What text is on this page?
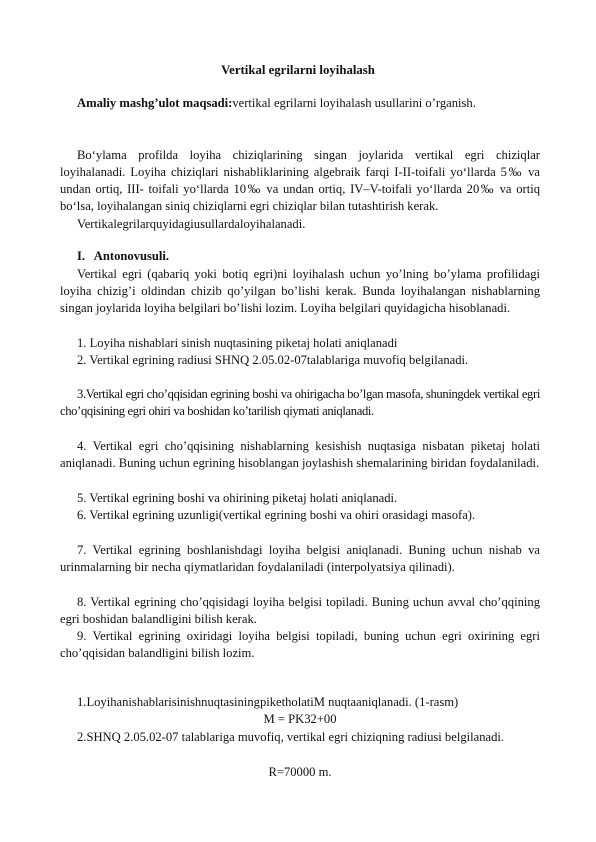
Vertikal egrilarni loyihalash
Amaliy mashg’ulot maqsadi:vertikal egrilarni loyihalash usullarini o’rganish.
Bo‘ylama profilda loyiha chiziqlarining singan joylarida vertikal egri chiziqlar loyihalanadi. Loyiha chiziqlari nishabliklarining algebraik farqi I-II-toifali yo‘llarda 5‰ va undan ortiq, III- toifali yo‘llarda 10‰ va undan ortiq, IV–V-toifali yo‘llarda 20‰ va ortiq bo‘lsa, loyihalangan siniq chiziqlarni egri chiziqlar bilan tutashtirish kerak.
Vertikalegrilarquyidagiusullardaloyihalanadi.
I.   Antonovusuli.
Vertikal egri (qabariq yoki botiq egri)ni loyihalash uchun yo’lning bo’ylama profilidagi loyiha chizig’i oldindan chizib qo’yilgan bo’lishi kerak. Bunda loyihalangan nishablarning singan joylarida loyiha belgilari bo’lishi lozim. Loyiha belgilari quyidagicha hisoblanadi.
1. Loyiha nishablari sinish nuqtasining piketaj holati aniqlanadi
2. Vertikal egrining radiusi SHNQ 2.05.02-07talablariga muvofiq belgilanadi.
3.Vertikal egri cho’qqisidan egrining boshi va ohirigacha bo’lgan masofa, shuningdek vertikal egri cho’qqisining egri ohiri va boshidan ko’tarilish qiymati aniqlanadi.
4. Vertikal egri cho’qqisining nishablarning kesishish nuqtasiga nisbatan piketaj holati aniqlanadi. Buning uchun egrining hisoblangan joylashish shemalarining biridan foydalaniladi.
5. Vertikal egrining boshi va ohirining piketaj holati aniqlanadi.
6. Vertikal egrining uzunligi(vertikal egrining boshi va ohiri orasidagi masofa).
7. Vertikal egrining boshlanishdagi loyiha belgisi aniqlanadi. Buning uchun nishab va urinmalarning bir necha qiymatlaridan foydalaniladi (interpolyatsiya qilinadi).
8. Vertikal egrining cho’qqisidagi loyiha belgisi topiladi. Buning uchun avval cho’qqining egri boshidan balandligini bilish kerak.
9. Vertikal egrining oxiridagi loyiha belgisi topiladi, buning uchun egri oxirining egri cho’qqisidan balandligini bilish lozim.
1.LoyihanishablarisinishnuqtasiningpiketholatiM nuqtaaniqlanadi. (1-rasm)
M = PK32+00
2.SHNQ 2.05.02-07 talablariga muvofiq, vertikal egri chiziqning radiusi belgilanadi.
R=70000 m.
